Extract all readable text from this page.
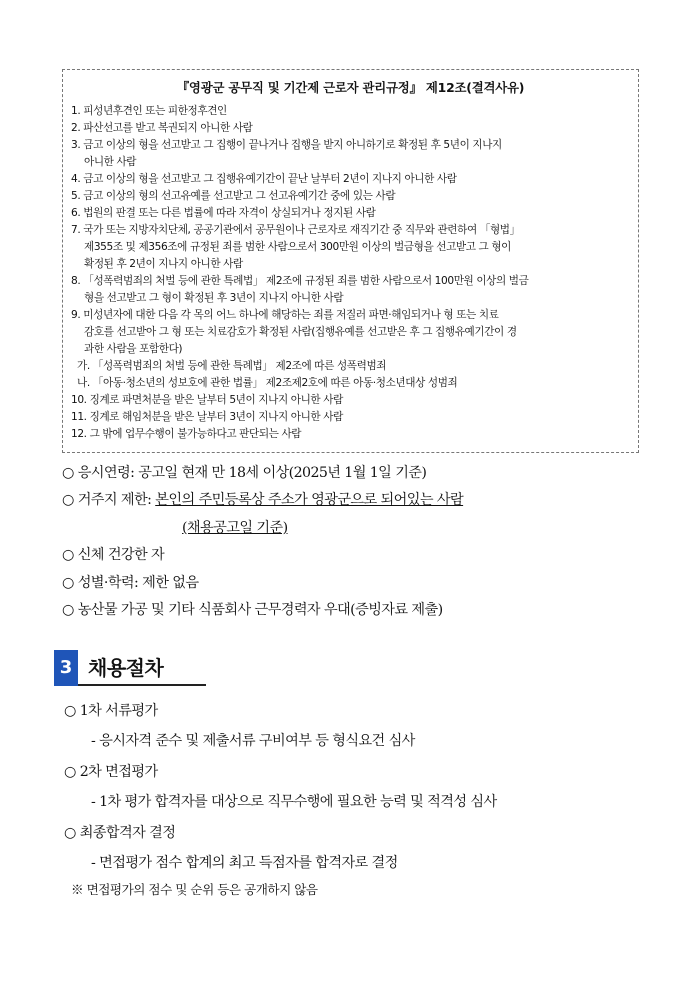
『영광군 공무직 및 기간제 근로자 관리규정』 제12조(결격사유)
1. 피성년후견인 또는 피한정후견인
2. 파산선고를 받고 복권되지 아니한 사람
3. 금고 이상의 형을 선고받고 그 집행이 끝나거나 집행을 받지 아니하기로 확정된 후 5년이 지나지
아니한 사람
4. 금고 이상의 형을 선고받고 그 집행유예기간이 끝난 날부터 2년이 지나지 아니한 사람
5. 금고 이상의 형의 선고유예를 선고받고 그 선고유예기간 중에 있는 사람
6. 법원의 판결 또는 다른 법률에 따라 자격이 상실되거나 정지된 사람
7. 국가 또는 지방자치단체, 공공기관에서 공무원이나 근로자로 재직기간 중 직무와 관련하여 「형법」
제355조 및 제356조에 규정된 죄를 범한 사람으로서 300만원 이상의 벌금형을 선고받고 그 형이
확정된 후 2년이 지나지 아니한 사람
8. 「성폭력범죄의 처벌 등에 관한 특례법」 제2조에 규정된 죄를 범한 사람으로서 100만원 이상의 벌금
형을 선고받고 그 형이 확정된 후 3년이 지나지 아니한 사람
9. 미성년자에 대한 다음 각 목의 어느 하나에 해당하는 죄를 저질러 파면·해임되거나 형 또는 치료
감호를 선고받아 그 형 또는 치료감호가 확정된 사람(집행유예를 선고받은 후 그 집행유예기간이 경
과한 사람을 포함한다)
가. 「성폭력범죄의 처벌 등에 관한 특례법」 제2조에 따른 성폭력범죄
나. 「아동·청소년의 성보호에 관한 법률」 제2조제2호에 따른 아동·청소년대상 성범죄
10. 징계로 파면처분을 받은 날부터 5년이 지나지 아니한 사람
11. 징계로 해임처분을 받은 날부터 3년이 지나지 아니한 사람
12. 그 밖에 업무수행이 불가능하다고 판단되는 사람
○ 응시연령: 공고일 현재 만 18세 이상(2025년 1월 1일 기준)
○ 거주지 제한: 본인의 주민등록상 주소가 영광군으로 되어있는 사람
(채용공고일 기준)
○ 신체 건강한 자
○ 성별·학력: 제한 없음
○ 농산물 가공 및 기타 식품회사 근무경력자 우대(증빙자료 제출)
3 채용절차
○ 1차 서류평가
- 응시자격 준수 및 제출서류 구비여부 등 형식요건 심사
○ 2차 면접평가
- 1차 평가 합격자를 대상으로 직무수행에 필요한 능력 및 적격성 심사
○ 최종합격자 결정
- 면접평가 점수 합계의 최고 득점자를 합격자로 결정
※ 면접평가의 점수 및 순위 등은 공개하지 않음
